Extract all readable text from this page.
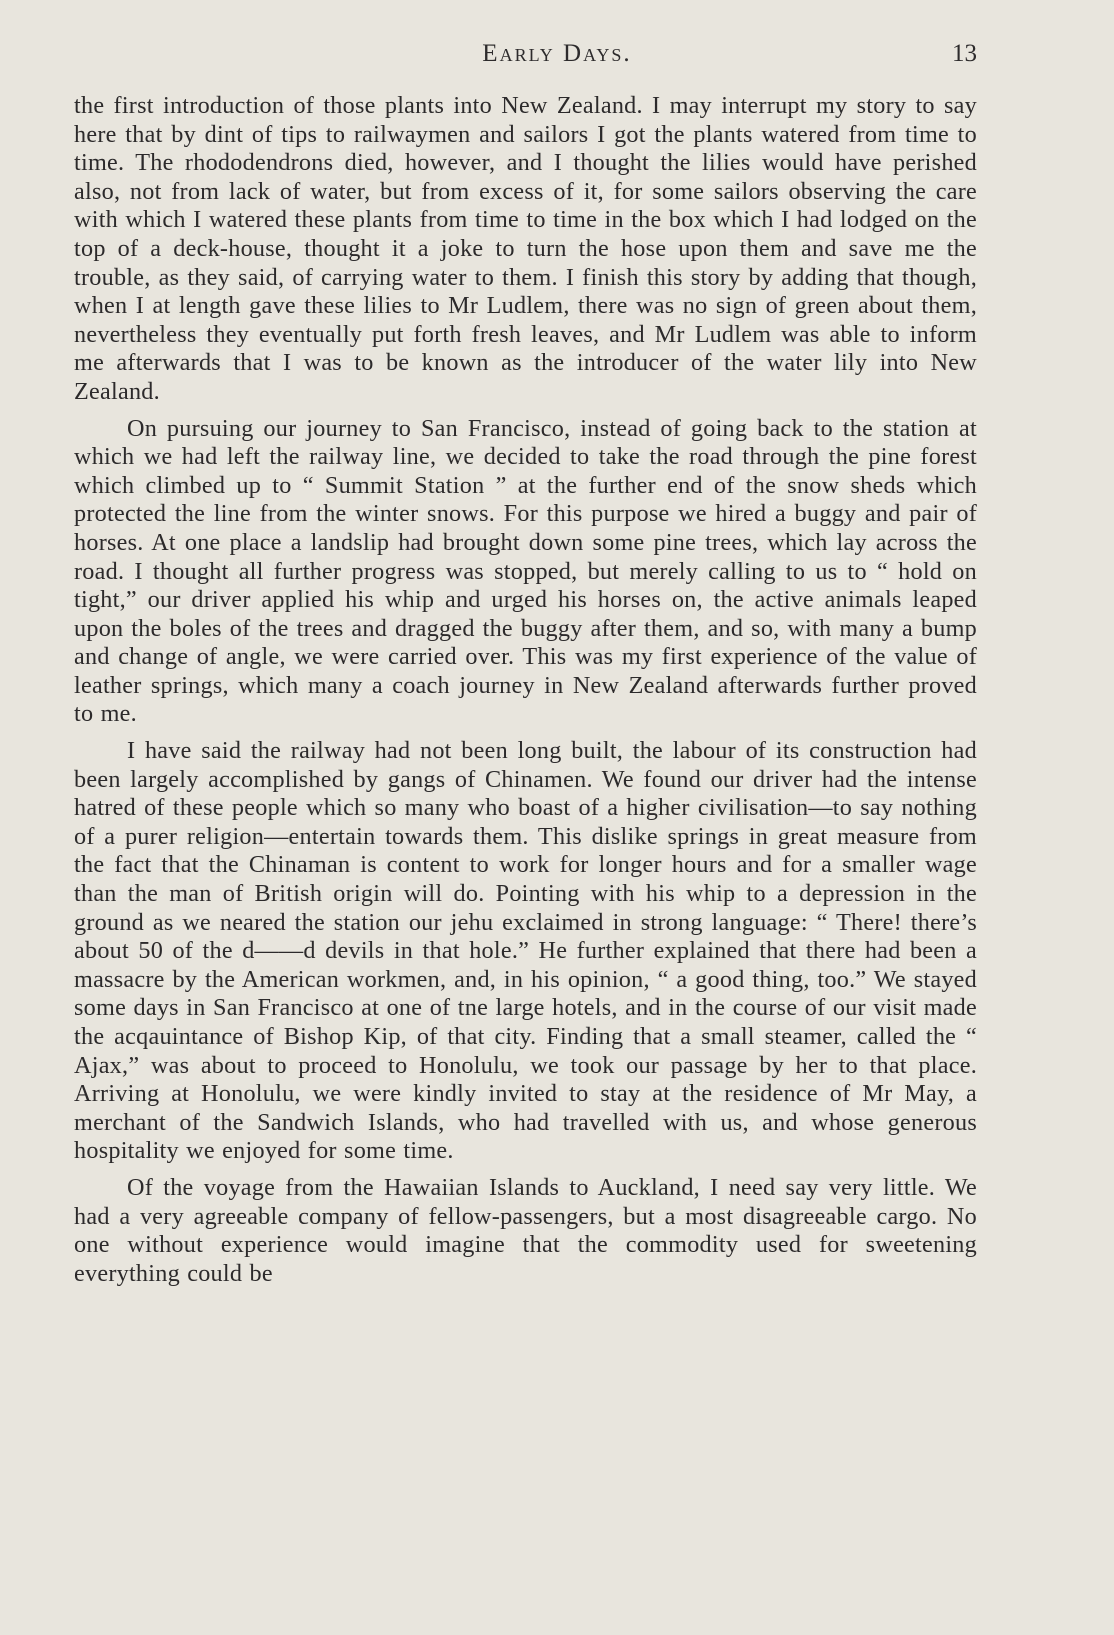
Early Days.	13

the first introduction of those plants into New Zealand. I may interrupt my story to say here that by dint of tips to railwaymen and sailors I got the plants watered from time to time. The rhododendrons died, however, and I thought the lilies would have perished also, not from lack of water, but from excess of it, for some sailors observing the care with which I watered these plants from time to time in the box which I had lodged on the top of a deck-house, thought it a joke to turn the hose upon them and save me the trouble, as they said, of carrying water to them. I finish this story by adding that though, when I at length gave these lilies to Mr Ludlem, there was no sign of green about them, nevertheless they eventually put forth fresh leaves, and Mr Ludlem was able to inform me afterwards that I was to be known as the introducer of the water lily into New Zealand.

On pursuing our journey to San Francisco, instead of going back to the station at which we had left the railway line, we decided to take the road through the pine forest which climbed up to “ Summit Station ” at the further end of the snow sheds which protected the line from the winter snows. For this purpose we hired a buggy and pair of horses. At one place a landslip had brought down some pine trees, which lay across the road. I thought all further progress was stopped, but merely calling to us to “ hold on tight,” our driver applied his whip and urged his horses on, the active animals leaped upon the boles of the trees and dragged the buggy after them, and so, with many a bump and change of angle, we were carried over. This was my first experience of the value of leather springs, which many a coach journey in New Zealand afterwards further proved to me.

I have said the railway had not been long built, the labour of its construction had been largely accomplished by gangs of Chinamen. We found our driver had the intense hatred of these people which so many who boast of a higher civilisation—to say nothing of a purer religion—entertain towards them. This dislike springs in great measure from the fact that the Chinaman is content to work for longer hours and for a smaller wage than the man of British origin will do. Pointing with his whip to a depression in the ground as we neared the station our jehu exclaimed in strong language: “ There! there’s about 50 of the d——d devils in that hole.” He further explained that there had been a massacre by the American workmen, and, in his opinion, “ a good thing, too.” We stayed some days in San Francisco at one of tne large hotels, and in the course of our visit made the acqauintance of Bishop Kip, of that city. Finding that a small steamer, called the “ Ajax,” was about to proceed to Honolulu, we took our passage by her to that place. Arriving at Honolulu, we were kindly invited to stay at the residence of Mr May, a merchant of the Sandwich Islands, who had travelled with us, and whose generous hospitality we enjoyed for some time.

Of the voyage from the Hawaiian Islands to Auckland, I need say very little. We had a very agreeable company of fellow-passengers, but a most disagreeable cargo. No one without experience would imagine that the commodity used for sweetening everything could be
